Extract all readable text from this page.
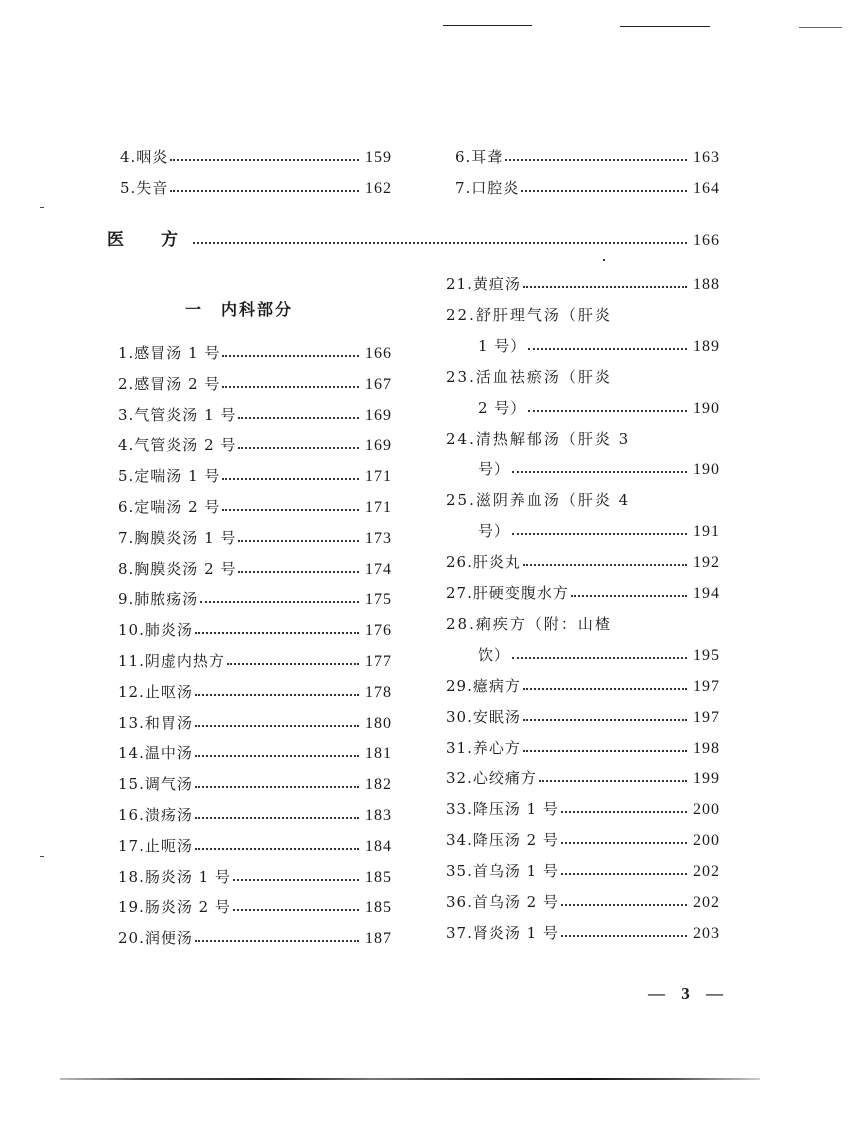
4.咽炎	159
5.失音	162
6.耳聋	163
7.口腔炎	164
医 方	166
一　内科部分
1.感冒汤 1 号	166
2.感冒汤 2 号	167
3.气管炎汤 1 号	169
4.气管炎汤 2 号	169
5.定喘汤 1 号	171
6.定喘汤 2 号	171
7.胸膜炎汤 1 号	173
8.胸膜炎汤 2 号	174
9.肺脓疡汤	175
10.肺炎汤	176
11.阴虚内热方	177
12.止呕汤	178
13.和胃汤	180
14.温中汤	181
15.调气汤	182
16.溃疡汤	183
17.止呃汤	184
18.肠炎汤 1 号	185
19.肠炎汤 2 号	185
20.润便汤	187
21.黄疸汤	188
22.舒肝理气汤（肝炎
1 号）	189
23.活血祛瘀汤（肝炎
2 号）	190
24.清热解郁汤（肝炎 3
号）	190
25.滋阴养血汤（肝炎 4
号）	191
26.肝炎丸	192
27.肝硬变腹水方	194
28.痢疾方（附：山楂
饮）	195
29.癔病方	197
30.安眠汤	197
31.养心方	198
32.心绞痛方	199
33.降压汤 1 号	200
34.降压汤 2 号	200
35.首乌汤 1 号	202
36.首乌汤 2 号	202
37.肾炎汤 1 号	203
— 3 —
